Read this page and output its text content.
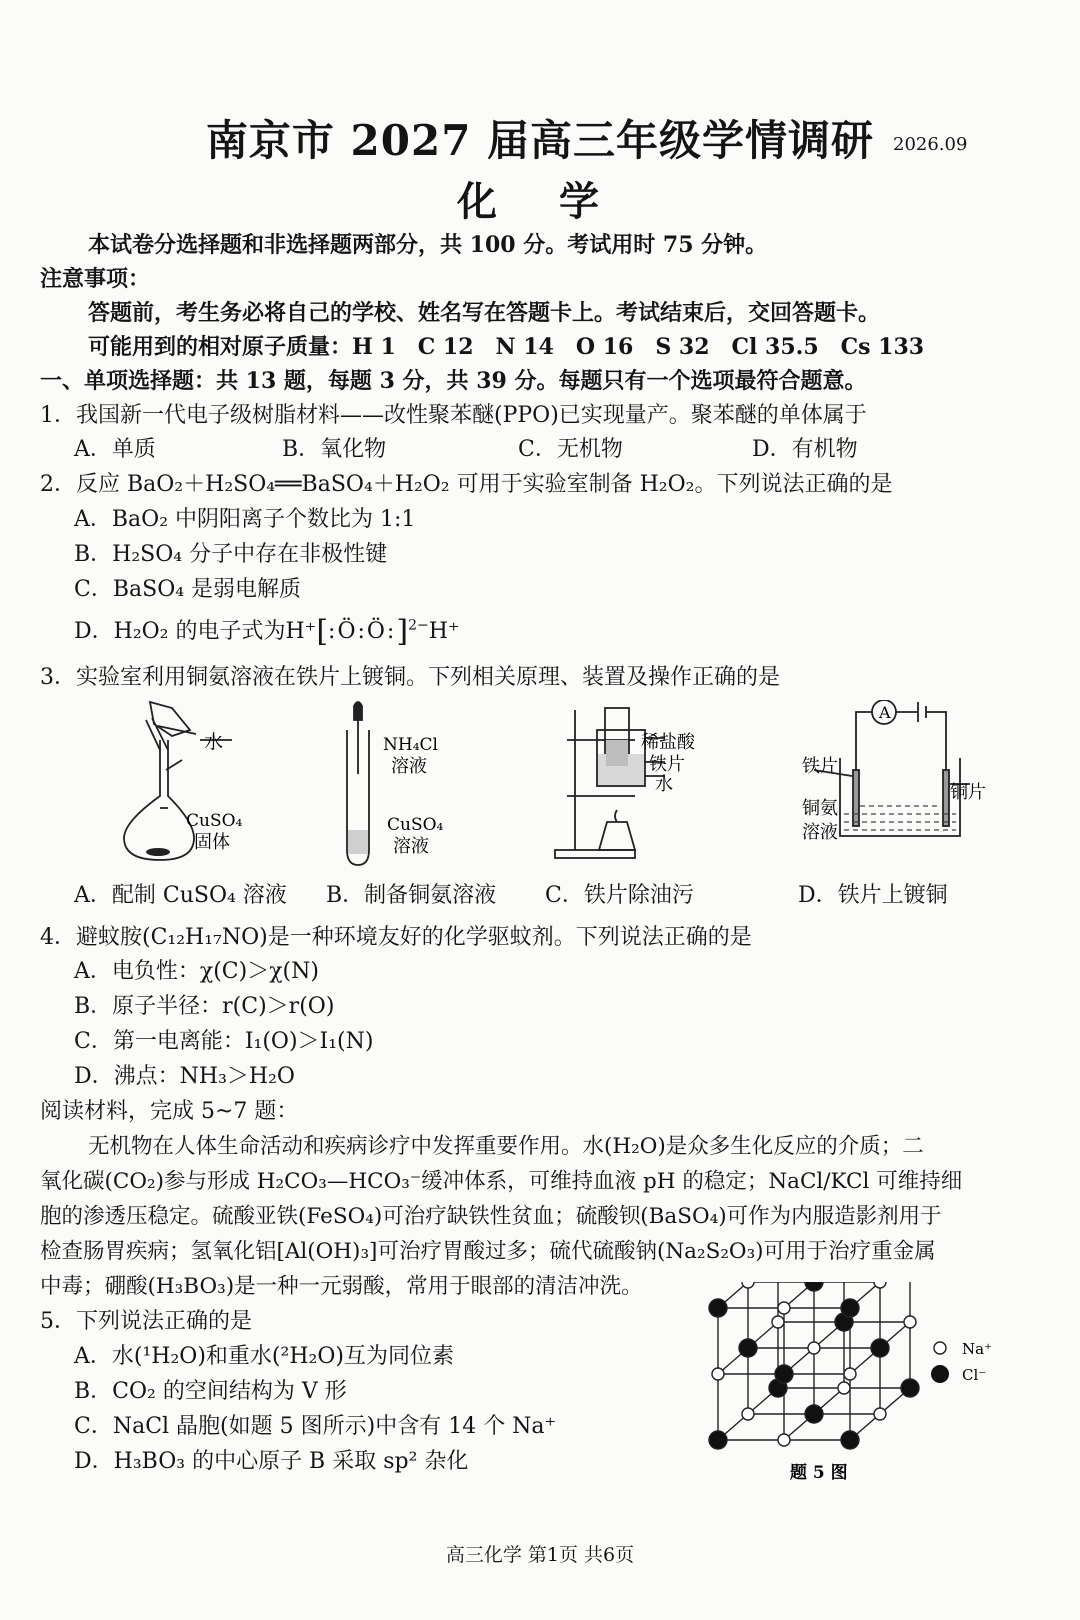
南京市 2027 届高三年级学情调研	2026.09
化 学
本试卷分选择题和非选择题两部分，共 100 分。考试用时 75 分钟。
注意事项：
答题前，考生务必将自己的学校、姓名写在答题卡上。考试结束后，交回答题卡。
可能用到的相对原子质量：H 1　C 12　N 14　O 16　S 32　Cl 35.5　Cs 133
一、单项选择题：共 13 题，每题 3 分，共 39 分。每题只有一个选项最符合题意。
1．我国新一代电子级树脂材料——改性聚苯醚(PPO)已实现量产。聚苯醚的单体属于
A．单质	B．氧化物	C．无机物	D．有机物
2．反应 BaO₂＋H₂SO₄══BaSO₄＋H₂O₂ 可用于实验室制备 H₂O₂。下列说法正确的是
A．BaO₂ 中阴阳离子个数比为 1:1
B．H₂SO₄ 分子中存在非极性键
C．BaSO₄ 是弱电解质
D．H₂O₂ 的电子式为H⁺[:Ö:Ö:]$^{2-}$H⁺
3．实验室利用铜氨溶液在铁片上镀铜。下列相关原理、装置及操作正确的是
水
CuSO₄
固体
NH₄Cl
溶液
CuSO₄
溶液
稀盐酸
铁片
水
A
铁片
铜片
铜氨
溶液
A．配制 CuSO₄ 溶液 B．制备铜氨溶液 C．铁片除油污	D．铁片上镀铜
4．避蚊胺(C₁₂H₁₇NO)是一种环境友好的化学驱蚊剂。下列说法正确的是
A．电负性：χ(C)＞χ(N)
B．原子半径：r(C)＞r(O)
C．第一电离能：I₁(O)＞I₁(N)
D．沸点：NH₃＞H₂O
阅读材料，完成 5~7 题：
无机物在人体生命活动和疾病诊疗中发挥重要作用。水(H₂O)是众多生化反应的介质；二
氧化碳(CO₂)参与形成 H₂CO₃—HCO₃⁻缓冲体系，可维持血液 pH 的稳定；NaCl/KCl 可维持细
胞的渗透压稳定。硫酸亚铁(FeSO₄)可治疗缺铁性贫血；硫酸钡(BaSO₄)可作为内服造影剂用于
检查肠胃疾病；氢氧化铝[Al(OH)₃]可治疗胃酸过多；硫代硫酸钠(Na₂S₂O₃)可用于治疗重金属
中毒；硼酸(H₃BO₃)是一种一元弱酸，常用于眼部的清洁冲洗。
5．下列说法正确的是
A．水(¹H₂O)和重水(²H₂O)互为同位素
B．CO₂ 的空间结构为 V 形
C．NaCl 晶胞(如题 5 图所示)中含有 14 个 Na⁺
D．H₃BO₃ 的中心原子 B 采取 sp² 杂化
Na⁺
Cl⁻
题 5 图
高三化学 第1页 共6页
